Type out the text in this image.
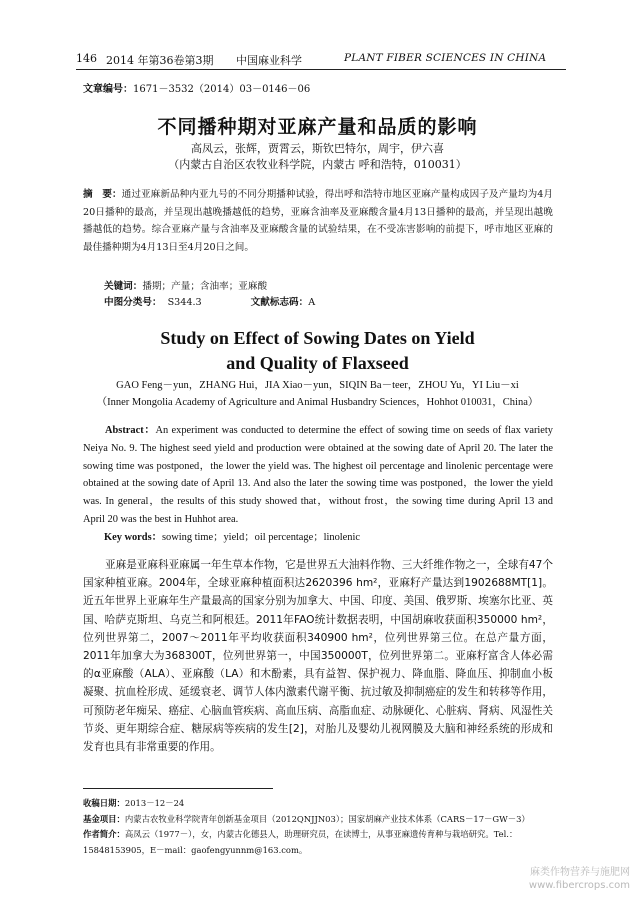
146 2014 年第36卷第3期 中国麻业科学	PLANT FIBER SCIENCES IN CHINA
文章编号：1671－3532（2014）03－0146－06
不同播种期对亚麻产量和品质的影响
高凤云，张辉，贾霄云，斯钦巴特尔，周宇，伊六喜
（内蒙古自治区农牧业科学院，内蒙古 呼和浩特，010031）
摘　要：通过亚麻新品种内亚九号的不同分期播种试验，得出呼和浩特市地区亚麻产量构成因子及产量均为4月20日播种的最高，并呈现出越晚播越低的趋势，亚麻含油率及亚麻酸含量4月13日播种的最高，并呈现出越晚播越低的趋势。综合亚麻产量与含油率及亚麻酸含量的试验结果，在不受冻害影响的前提下，呼市地区亚麻的最佳播种期为4月13日至4月20日之间。
关键词：播期；产量；含油率；亚麻酸
中图分类号： S344.3	文献标志码：A
Study on Effect of Sowing Dates on Yield
and Quality of Flaxseed
GAO Feng－yun，ZHANG Hui，JIA Xiao－yun，SIQIN Ba－teer，ZHOU Yu，YI Liu－xi
（Inner Mongolia Academy of Agriculture and Animal Husbandry Sciences，Hohhot 010031，China）
Abstract：An experiment was conducted to determine the effect of sowing time on seeds of flax variety Neiya No. 9. The highest seed yield and production were obtained at the sowing date of April 20. The later the sowing time was postponed，the lower the yield was. The highest oil percentage and linolenic percentage were obtained at the sowing date of April 13. And also the later the sowing time was postponed，the lower the yield was. In general，the results of this study showed that，without frost，the sowing time during April 13 and April 20 was the best in Huhhot area.
Key words：sowing time；yield；oil percentage；linolenic
亚麻是亚麻科亚麻属一年生草本作物，它是世界五大油料作物、三大纤维作物之一，全球有47个国家种植亚麻。2004年，全球亚麻种植面积达2620396 hm²，亚麻籽产量达到1902688MT[1]。近五年世界上亚麻年生产量最高的国家分别为加拿大、中国、印度、美国、俄罗斯、埃塞尔比亚、英国、哈萨克斯坦、乌克兰和阿根廷。2011年FAO统计数据表明，中国胡麻收获面积350000 hm²，位列世界第二，2007～2011年平均收获面积340900 hm²，位列世界第三位。在总产量方面，2011年加拿大为368300T，位列世界第一，中国350000T，位列世界第二。亚麻籽富含人体必需的α亚麻酸（ALA）、亚麻酸（LA）和木酚素，具有益智、保护视力、降血脂、降血压、抑制血小板凝聚、抗血栓形成、延缓衰老、调节人体内激素代谢平衡、抗过敏及抑制癌症的发生和转移等作用，可预防老年痴呆、癌症、心脑血管疾病、高血压病、高脂血症、动脉硬化、心脏病、肾病、风湿性关节炎、更年期综合症、糖尿病等疾病的发生[2]，对胎儿及婴幼儿视网膜及大脑和神经系统的形成和发育也具有非常重要的作用。
收稿日期：2013－12－24
基金项目：内蒙古农牧业科学院青年创新基金项目（2012QNJJN03）；国家胡麻产业技术体系（CARS－17－GW－3）
作者简介：高凤云（1977－），女，内蒙古化德县人，助理研究员，在读博士，从事亚麻遗传育种与栽培研究。Tel.：15848153905，E－mail：gaofengyunnm@163.com。
麻类作物营养与施肥网
www.fibercrops.com
